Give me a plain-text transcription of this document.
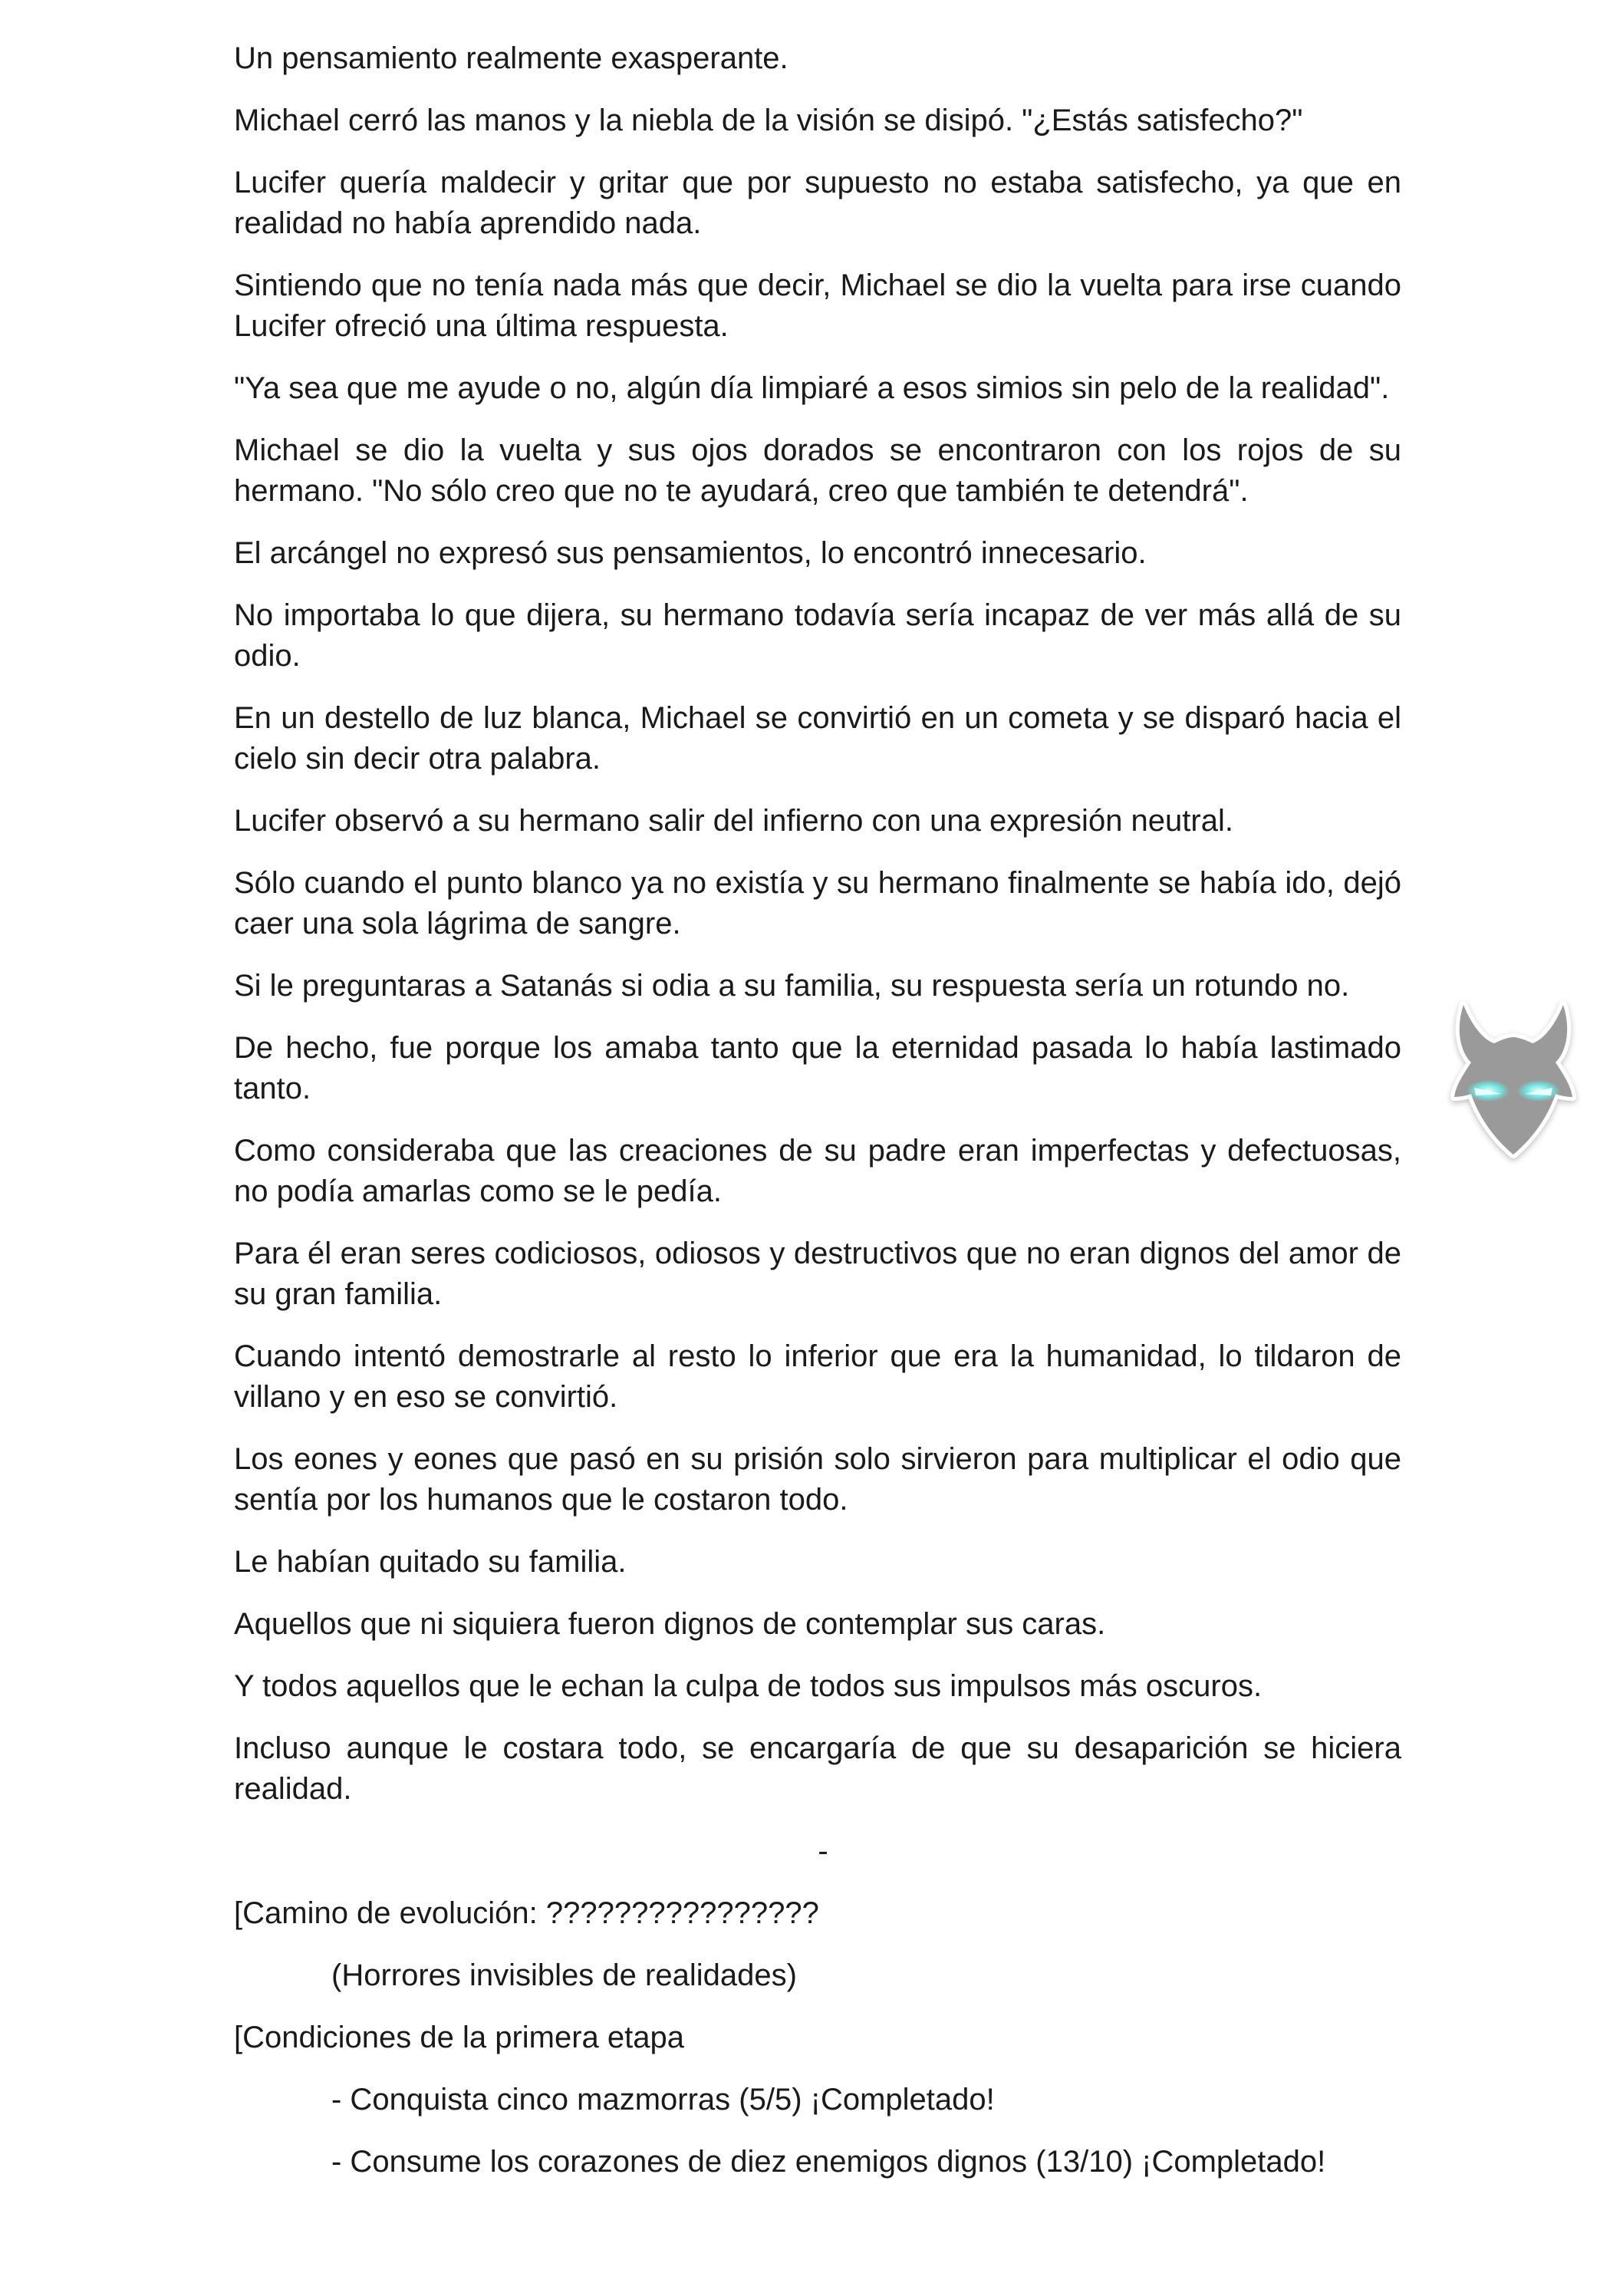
Un pensamiento realmente exasperante.

Michael cerró las manos y la niebla de la visión se disipó. "¿Estás satisfecho?"

Lucifer quería maldecir y gritar que por supuesto no estaba satisfecho, ya que en realidad no había aprendido nada.

Sintiendo que no tenía nada más que decir, Michael se dio la vuelta para irse cuando Lucifer ofreció una última respuesta.

"Ya sea que me ayude o no, algún día limpiaré a esos simios sin pelo de la realidad".

Michael se dio la vuelta y sus ojos dorados se encontraron con los rojos de su hermano. "No sólo creo que no te ayudará, creo que también te detendrá".

El arcángel no expresó sus pensamientos, lo encontró innecesario.

No importaba lo que dijera, su hermano todavía sería incapaz de ver más allá de su odio.

En un destello de luz blanca, Michael se convirtió en un cometa y se disparó hacia el cielo sin decir otra palabra.

Lucifer observó a su hermano salir del infierno con una expresión neutral.

Sólo cuando el punto blanco ya no existía y su hermano finalmente se había ido, dejó caer una sola lágrima de sangre.

Si le preguntaras a Satanás si odia a su familia, su respuesta sería un rotundo no.

De hecho, fue porque los amaba tanto que la eternidad pasada lo había lastimado tanto.

Como consideraba que las creaciones de su padre eran imperfectas y defectuosas, no podía amarlas como se le pedía.

Para él eran seres codiciosos, odiosos y destructivos que no eran dignos del amor de su gran familia.

Cuando intentó demostrarle al resto lo inferior que era la humanidad, lo tildaron de villano y en eso se convirtió.

Los eones y eones que pasó en su prisión solo sirvieron para multiplicar el odio que sentía por los humanos que le costaron todo.

Le habían quitado su familia.

Aquellos que ni siquiera fueron dignos de contemplar sus caras.

Y todos aquellos que le echan la culpa de todos sus impulsos más oscuros.

Incluso aunque le costara todo, se encargaría de que su desaparición se hiciera realidad.

-

[Camino de evolución: ????????????????

(Horrores invisibles de realidades)

[Condiciones de la primera etapa

- Conquista cinco mazmorras (5/5) ¡Completado!

- Consume los corazones de diez enemigos dignos (13/10) ¡Completado!
